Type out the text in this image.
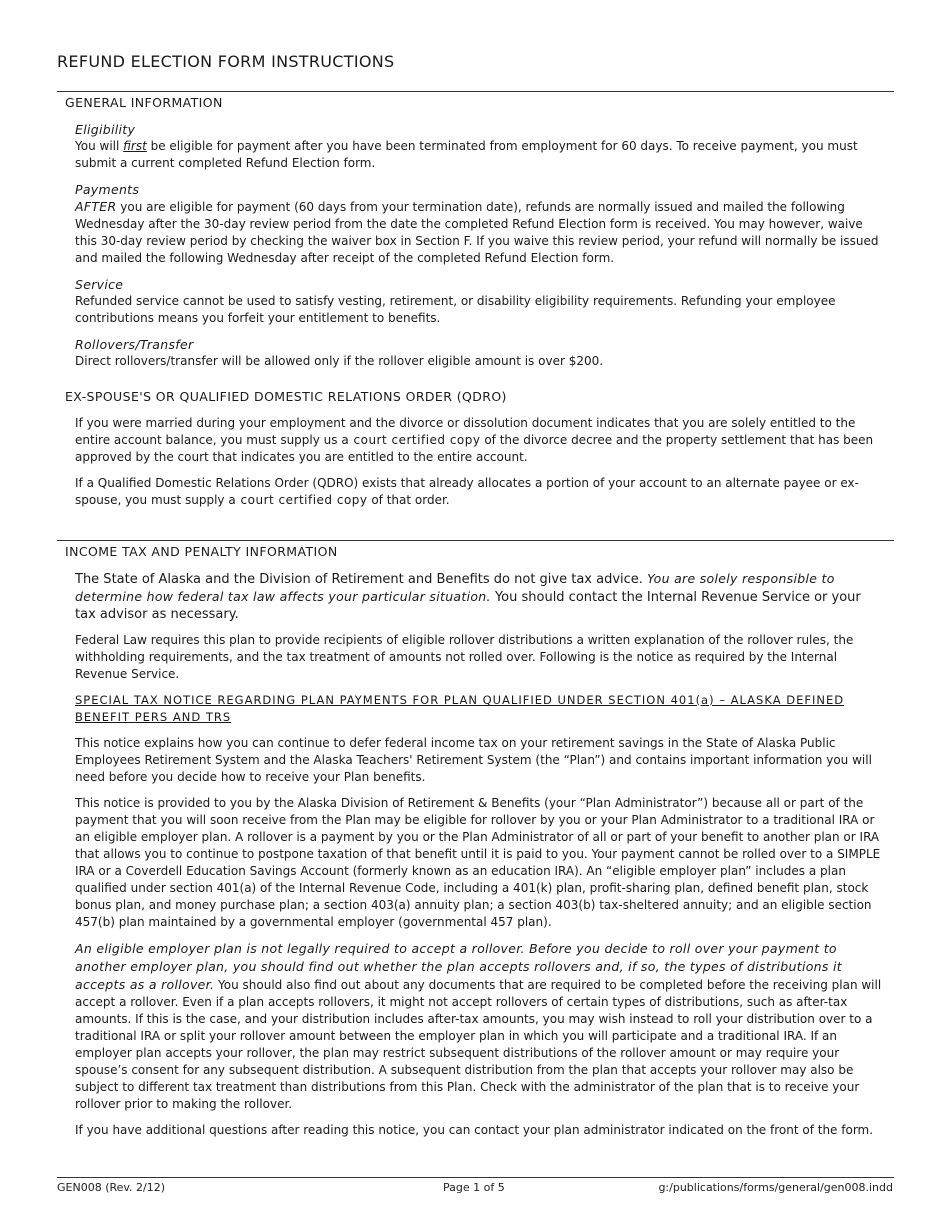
REFUND ELECTION FORM INSTRUCTIONS
GENERAL INFORMATION
Eligibility

You will first be eligible for payment after you have been terminated from employment for 60 days. To receive payment, you must submit a current completed Refund Election form.

Payments

AFTER you are eligible for payment (60 days from your termination date), refunds are normally issued and mailed the following Wednesday after the 30-day review period from the date the completed Refund Election form is received. You may however, waive this 30-day review period by checking the waiver box in Section F. If you waive this review period, your refund will normally be issued and mailed the following Wednesday after receipt of the completed Refund Election form.

Service

Refunded service cannot be used to satisfy vesting, retirement, or disability eligibility requirements. Refunding your employee contributions means you forfeit your entitlement to benefits.

Rollovers/Transfer

Direct rollovers/transfer will be allowed only if the rollover eligible amount is over $200.

EX-SPOUSE'S OR QUALIFIED DOMESTIC RELATIONS ORDER (QDRO)

If you were married during your employment and the divorce or dissolution document indicates that you are solely entitled to the entire account balance, you must supply us a court certified copy of the divorce decree and the property settlement that has been approved by the court that indicates you are entitled to the entire account.

If a Qualified Domestic Relations Order (QDRO) exists that already allocates a portion of your account to an alternate payee or ex-spouse, you must supply a court certified copy of that order.

INCOME TAX AND PENALTY INFORMATION

The State of Alaska and the Division of Retirement and Benefits do not give tax advice. You are solely responsible to determine how federal tax law affects your particular situation. You should contact the Internal Revenue Service or your tax advisor as necessary.

Federal Law requires this plan to provide recipients of eligible rollover distributions a written explanation of the rollover rules, the withholding requirements, and the tax treatment of amounts not rolled over. Following is the notice as required by the Internal Revenue Service.

SPECIAL TAX NOTICE REGARDING PLAN PAYMENTS FOR PLAN QUALIFIED UNDER SECTION 401(a) – ALASKA DEFINED BENEFIT PERS AND TRS

This notice explains how you can continue to defer federal income tax on your retirement savings in the State of Alaska Public Employees Retirement System and the Alaska Teachers' Retirement System (the “Plan”) and contains important information you will need before you decide how to receive your Plan benefits.

This notice is provided to you by the Alaska Division of Retirement & Benefits (your “Plan Administrator”) because all or part of the payment that you will soon receive from the Plan may be eligible for rollover by you or your Plan Administrator to a traditional IRA or an eligible employer plan. A rollover is a payment by you or the Plan Administrator of all or part of your benefit to another plan or IRA that allows you to continue to postpone taxation of that benefit until it is paid to you. Your payment cannot be rolled over to a SIMPLE IRA or a Coverdell Education Savings Account (formerly known as an education IRA). An “eligible employer plan” includes a plan qualified under section 401(a) of the Internal Revenue Code, including a 401(k) plan, profit-sharing plan, defined benefit plan, stock bonus plan, and money purchase plan; a section 403(a) annuity plan; a section 403(b) tax-sheltered annuity; and an eligible section 457(b) plan maintained by a governmental employer (governmental 457 plan).

An eligible employer plan is not legally required to accept a rollover. Before you decide to roll over your payment to another employer plan, you should find out whether the plan accepts rollovers and, if so, the types of distributions it accepts as a rollover. You should also find out about any documents that are required to be completed before the receiving plan will accept a rollover. Even if a plan accepts rollovers, it might not accept rollovers of certain types of distributions, such as after-tax amounts. If this is the case, and your distribution includes after-tax amounts, you may wish instead to roll your distribution over to a traditional IRA or split your rollover amount between the employer plan in which you will participate and a traditional IRA. If an employer plan accepts your rollover, the plan may restrict subsequent distributions of the rollover amount or may require your spouse’s consent for any subsequent distribution. A subsequent distribution from the plan that accepts your rollover may also be subject to different tax treatment than distributions from this Plan. Check with the administrator of the plan that is to receive your rollover prior to making the rollover.

If you have additional questions after reading this notice, you can contact your plan administrator indicated on the front of the form.

GEN008 (Rev. 2/12)	Page 1 of 5	g:/publications/forms/general/gen008.indd
